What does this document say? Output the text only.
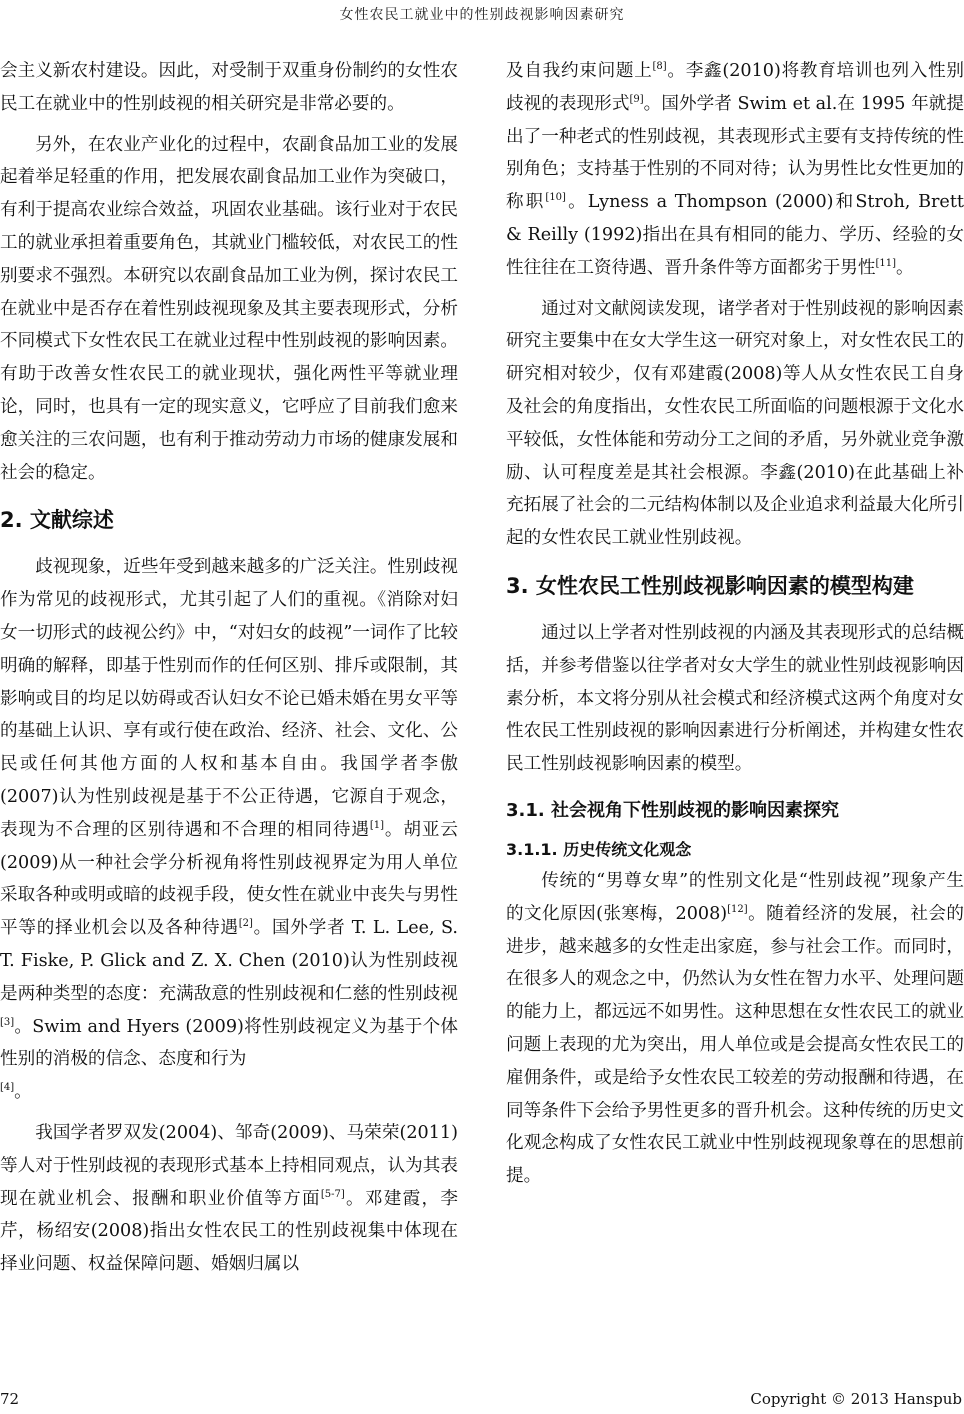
女性农民工就业中的性别歧视影响因素研究

会主义新农村建设。因此，对受制于双重身份制约的女性农民工在就业中的性别歧视的相关研究是非常必要的。

另外，在农业产业化的过程中，农副食品加工业的发展起着举足轻重的作用，把发展农副食品加工业作为突破口，有利于提高农业综合效益，巩固农业基础。该行业对于农民工的就业承担着重要角色，其就业门槛较低，对农民工的性别要求不强烈。本研究以农副食品加工业为例，探讨农民工在就业中是否存在着性别歧视现象及其主要表现形式，分析不同模式下女性农民工在就业过程中性别歧视的影响因素。有助于改善女性农民工的就业现状，强化两性平等就业理论，同时，也具有一定的现实意义，它呼应了目前我们愈来愈关注的三农问题，也有利于推动劳动力市场的健康发展和社会的稳定。

2. 文献综述

歧视现象，近些年受到越来越多的广泛关注。性别歧视作为常见的歧视形式，尤其引起了人们的重视。《消除对妇女一切形式的歧视公约》中，“对妇女的歧视”一词作了比较明确的解释，即基于性别而作的任何区别、排斥或限制，其影响或目的均足以妨碍或否认妇女不论已婚未婚在男女平等的基础上认识、享有或行使在政治、经济、社会、文化、公民或任何其他方面的人权和基本自由。我国学者李傲(2007)认为性别歧视是基于不公正待遇，它源自于观念，表现为不合理的区别待遇和不合理的相同待遇[1]。胡亚云(2009)从一种社会学分析视角将性别歧视界定为用人单位采取各种或明或暗的歧视手段，使女性在就业中丧失与男性平等的择业机会以及各种待遇[2]。国外学者 T. L. Lee, S. T. Fiske, P. Glick and Z. X. Chen (2010)认为性别歧视是两种类型的态度：充满敌意的性别歧视和仁慈的性别歧视[3]。Swim and Hyers (2009)将性别歧视定义为基于个体性别的消极的信念、态度和行为
[4]。

我国学者罗双发(2004)、邹奇(2009)、马荣荣(2011)等人对于性别歧视的表现形式基本上持相同观点，认为其表现在就业机会、报酬和职业价值等方面[5-7]。邓建霞，李芹，杨绍安(2008)指出女性农民工的性别歧视集中体现在择业问题、权益保障问题、婚姻归属以

及自我约束问题上[8]。李鑫(2010)将教育培训也列入性别歧视的表现形式[9]。国外学者 Swim et al.在 1995 年就提出了一种老式的性别歧视，其表现形式主要有支持传统的性别角色；支持基于性别的不同对待；认为男性比女性更加的称职[10]。Lyness a Thompson (2000)和Stroh, Brett & Reilly (1992)指出在具有相同的能力、学历、经验的女性往往在工资待遇、晋升条件等方面都劣于男性[11]。

通过对文献阅读发现，诸学者对于性别歧视的影响因素研究主要集中在女大学生这一研究对象上，对女性农民工的研究相对较少，仅有邓建霞(2008)等人从女性农民工自身及社会的角度指出，女性农民工所面临的问题根源于文化水平较低，女性体能和劳动分工之间的矛盾，另外就业竞争激励、认可程度差是其社会根源。李鑫(2010)在此基础上补充拓展了社会的二元结构体制以及企业追求利益最大化所引起的女性农民工就业性别歧视。

3. 女性农民工性别歧视影响因素的模型构建

通过以上学者对性别歧视的内涵及其表现形式的总结概括，并参考借鉴以往学者对女大学生的就业性别歧视影响因素分析，本文将分别从社会模式和经济模式这两个角度对女性农民工性别歧视的影响因素进行分析阐述，并构建女性农民工性别歧视影响因素的模型。

3.1. 社会视角下性别歧视的影响因素探究
3.1.1. 历史传统文化观念

传统的“男尊女卑”的性别文化是“性别歧视”现象产生的文化原因(张寒梅，2008)[12]。随着经济的发展，社会的进步，越来越多的女性走出家庭，参与社会工作。而同时，在很多人的观念之中，仍然认为女性在智力水平、处理问题的能力上，都远远不如男性。这种思想在女性农民工的就业问题上表现的尤为突出，用人单位或是会提高女性农民工的雇佣条件，或是给予女性农民工较差的劳动报酬和待遇，在同等条件下会给予男性更多的晋升机会。这种传统的历史文化观念构成了女性农民工就业中性别歧视现象尊在的思想前提。

72	Copyright © 2013 Hanspub
